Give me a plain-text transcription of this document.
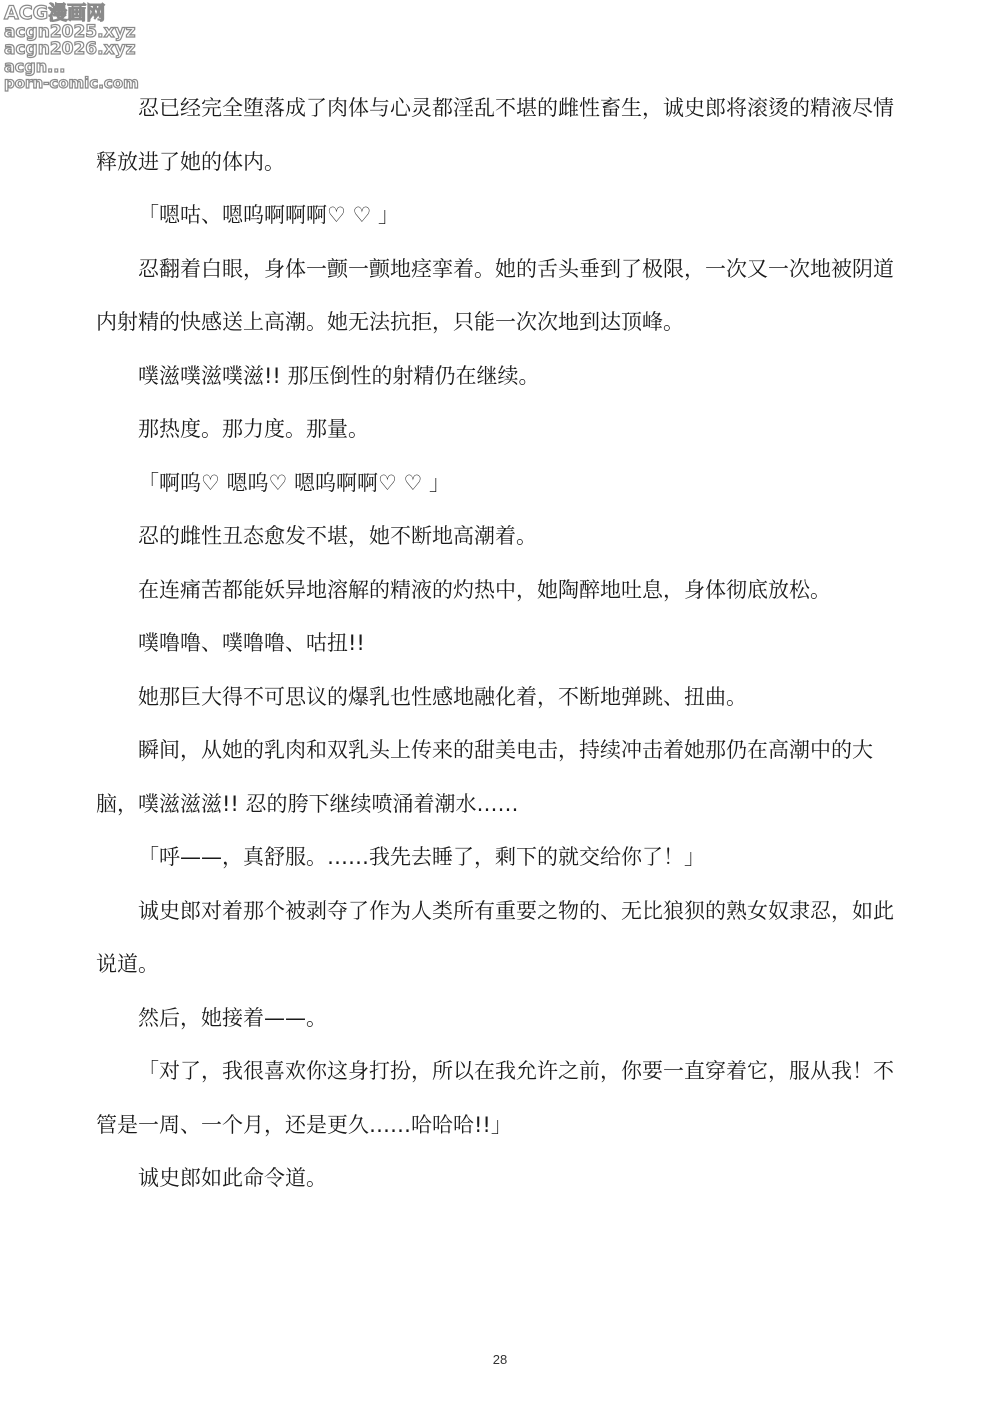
ACG漫画网
acgn2025.xyz
acgn2026.xyz
acgn...
porn-comic.com

忍已经完全堕落成了肉体与心灵都淫乱不堪的雌性畜生，诚史郎将滚烫的精液尽情释放进了她的体内。

「嗯咕、嗯呜啊啊啊♡ ♡ 」

忍翻着白眼，身体一颤一颤地痉挛着。她的舌头垂到了极限，一次又一次地被阴道内射精的快感送上高潮。她无法抗拒，只能一次次地到达顶峰。

噗滋噗滋噗滋!! 那压倒性的射精仍在继续。

那热度。那力度。那量。

「啊呜♡ 嗯呜♡ 嗯呜啊啊♡ ♡ 」

忍的雌性丑态愈发不堪，她不断地高潮着。

在连痛苦都能妖异地溶解的精液的灼热中，她陶醉地吐息，身体彻底放松。

噗噜噜、噗噜噜、咕扭!!

她那巨大得不可思议的爆乳也性感地融化着，不断地弹跳、扭曲。

瞬间，从她的乳肉和双乳头上传来的甜美电击，持续冲击着她那仍在高潮中的大脑，噗滋滋滋!! 忍的胯下继续喷涌着潮水……

「呼——，真舒服。……我先去睡了，剩下的就交给你了！」

诚史郎对着那个被剥夺了作为人类所有重要之物的、无比狼狈的熟女奴隶忍，如此说道。

然后，她接着——。

「对了，我很喜欢你这身打扮，所以在我允许之前，你要一直穿着它，服从我！不管是一周、一个月，还是更久……哈哈哈!!」

诚史郎如此命令道。

28
